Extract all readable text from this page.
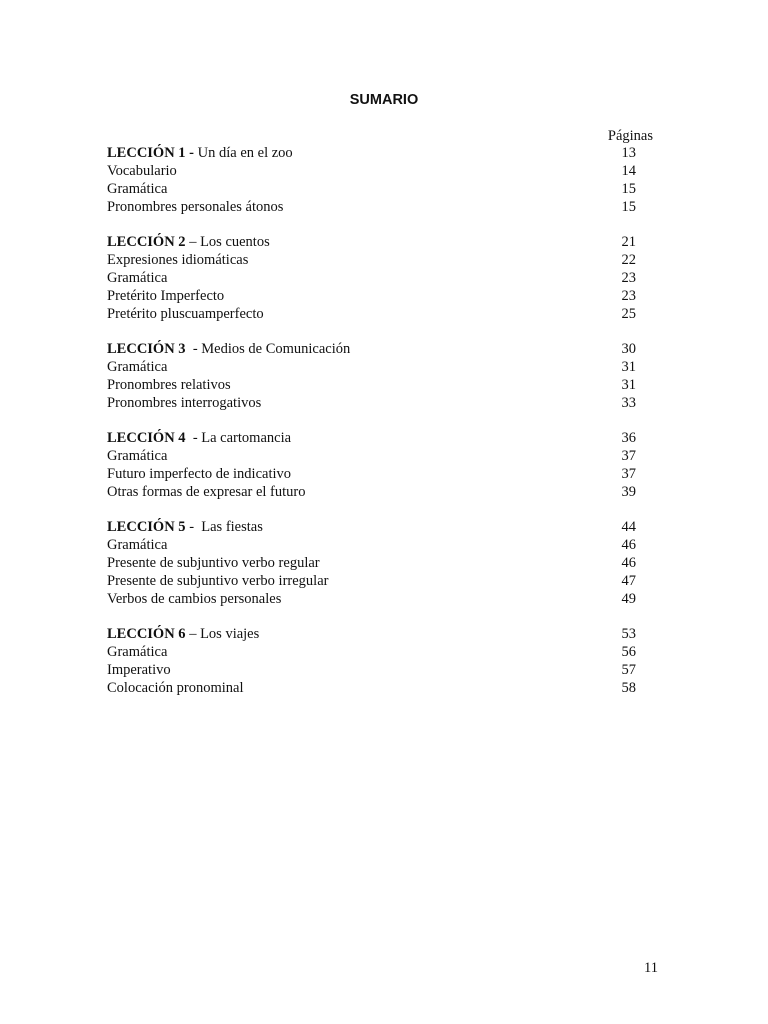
SUMARIO
Páginas
LECCIÓN 1 - Un día en el zoo	13
Vocabulario	14
Gramática	15
Pronombres personales átonos	15
LECCIÓN 2 – Los cuentos	21
Expresiones idiomáticas	22
Gramática	23
Pretérito Imperfecto	23
Pretérito pluscuamperfecto	25
LECCIÓN 3  - Medios de Comunicación	30
Gramática	31
Pronombres relativos	31
Pronombres interrogativos	33
LECCIÓN 4  - La cartomancia	36
Gramática	37
Futuro imperfecto de indicativo	37
Otras formas de expresar el futuro	39
LECCIÓN 5 -  Las fiestas	44
Gramática	46
Presente de subjuntivo verbo regular	46
Presente de subjuntivo verbo irregular	47
Verbos de cambios personales	49
LECCIÓN 6 – Los viajes	53
Gramática	56
Imperativo	57
Colocación pronominal	58
11
